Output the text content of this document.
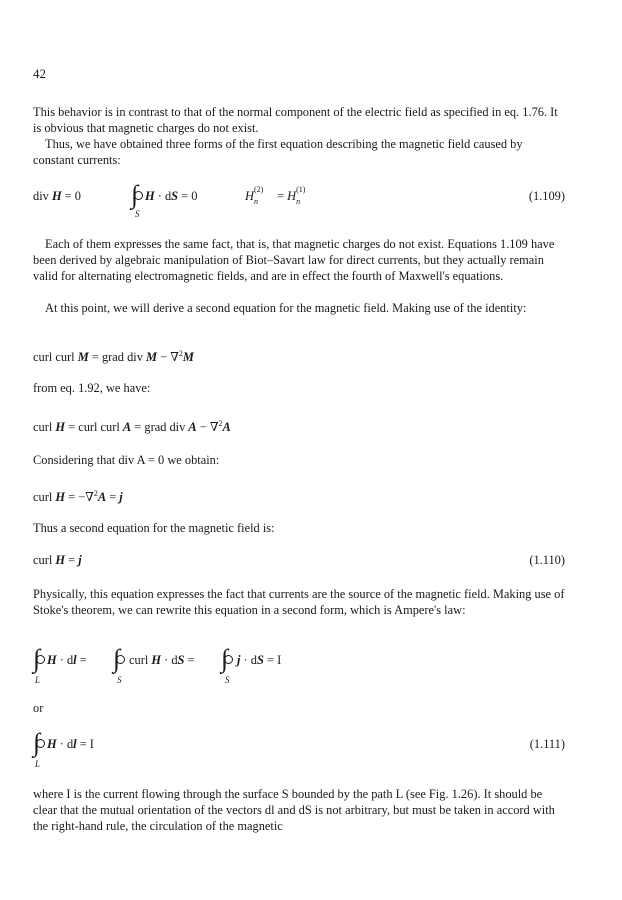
42

This behavior is in contrast to that of the normal component of the electric field as specified in eq. 1.76. It is obvious that magnetic charges do not exist.

Thus, we have obtained three forms of the first equation describing the magnetic field caused by constant currents:

div H = 0 ∫
S
H · dS = 0	H (2)
n = H (1)
n	(1.109)

Each of them expresses the same fact, that is, that magnetic charges do not exist. Equations 1.109 have been derived by algebraic manipulation of Biot–Savart law for direct currents, but they actually remain valid for alternating electromagnetic fields, and are in effect the fourth of Maxwell's equations.

At this point, we will derive a second equation for the magnetic field. Making use of the identity:

curl curl M = grad div M − ∇$^2$M

from eq. 1.92, we have:

curl H = curl curl A = grad div A − ∇$^2$A

Considering that div A = 0 we obtain:

curl H = −∇$^2$A = j

Thus a second equation for the magnetic field is:

curl H = j	(1.110)

Physically, this equation expresses the fact that currents are the source of the magnetic field. Making use of Stoke's theorem, we can rewrite this equation in a second form, which is Ampere's law:

∫
L
H · dl = ∫
S
curl H · dS = ∫
S
j · dS = I

or

∫
L
H · dl = I	(1.111)

where I is the current flowing through the surface S bounded by the path L (see Fig. 1.26). It should be clear that the mutual orientation of the vectors dl and dS is not arbitrary, but must be taken in accord with the right-hand rule, the circulation of the magnetic
